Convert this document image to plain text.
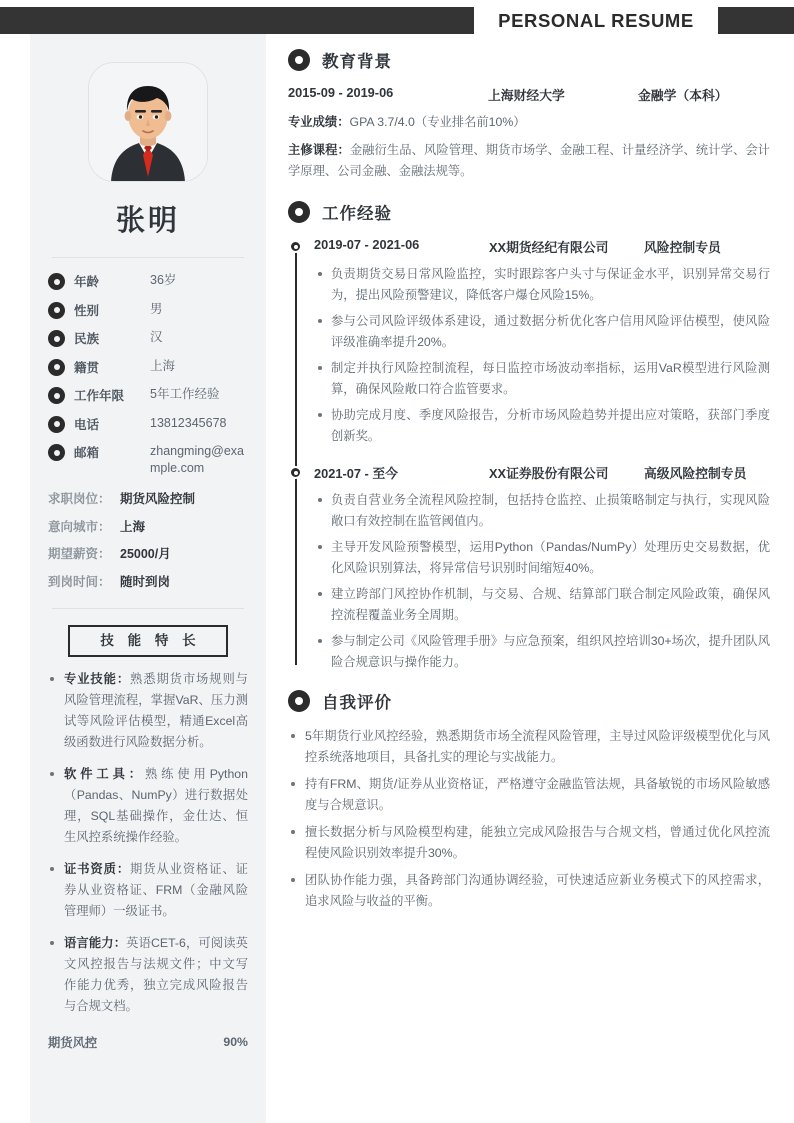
PERSONAL RESUME
张明
年龄	36岁
性别	男
民族	汉
籍贯	上海
工作年限	5年工作经验
电话	13812345678
邮箱	zhangming@example.com
求职岗位： 期货风险控制
意向城市： 上海
期望薪资： 25000/月
到岗时间： 随时到岗
技 能 特 长
专业技能：熟悉期货市场规则与风险管理流程，掌握VaR、压力测试等风险评估模型，精通Excel高级函数进行风险数据分析。
软件工具：熟练使用Python（Pandas、NumPy）进行数据处理，SQL基础操作，金仕达、恒生风控系统操作经验。
证书资质：期货从业资格证、证券从业资格证、FRM（金融风险管理师）一级证书。
语言能力：英语CET-6，可阅读英文风控报告与法规文件；中文写作能力优秀，独立完成风险报告与合规文档。
期货风控	90%
教育背景
2015-09 - 2019-06	上海财经大学	金融学（本科）
专业成绩：GPA 3.7/4.0（专业排名前10%）
主修课程：金融衍生品、风险管理、期货市场学、金融工程、计量经济学、统计学、会计学原理、公司金融、金融法规等。
工作经验
2019-07 - 2021-06	XX期货经纪有限公司	风险控制专员
负责期货交易日常风险监控，实时跟踪客户头寸与保证金水平，识别异常交易行为，提出风险预警建议，降低客户爆仓风险15%。
参与公司风险评级体系建设，通过数据分析优化客户信用风险评估模型，使风险评级准确率提升20%。
制定并执行风险控制流程，每日监控市场波动率指标，运用VaR模型进行风险测算，确保风险敞口符合监管要求。
协助完成月度、季度风险报告，分析市场风险趋势并提出应对策略，获部门季度创新奖。
2021-07 - 至今	XX证券股份有限公司	高级风险控制专员
负责自营业务全流程风险控制，包括持仓监控、止损策略制定与执行，实现风险敞口有效控制在监管阈值内。
主导开发风险预警模型，运用Python（Pandas/NumPy）处理历史交易数据，优化风险识别算法，将异常信号识别时间缩短40%。
建立跨部门风控协作机制，与交易、合规、结算部门联合制定风险政策，确保风控流程覆盖业务全周期。
参与制定公司《风险管理手册》与应急预案，组织风控培训30+场次，提升团队风险合规意识与操作能力。
自我评价
5年期货行业风控经验，熟悉期货市场全流程风险管理，主导过风险评级模型优化与风控系统落地项目，具备扎实的理论与实战能力。
持有FRM、期货/证券从业资格证，严格遵守金融监管法规，具备敏锐的市场风险敏感度与合规意识。
擅长数据分析与风险模型构建，能独立完成风险报告与合规文档，曾通过优化风控流程使风险识别效率提升30%。
团队协作能力强，具备跨部门沟通协调经验，可快速适应新业务模式下的风控需求，追求风险与收益的平衡。
